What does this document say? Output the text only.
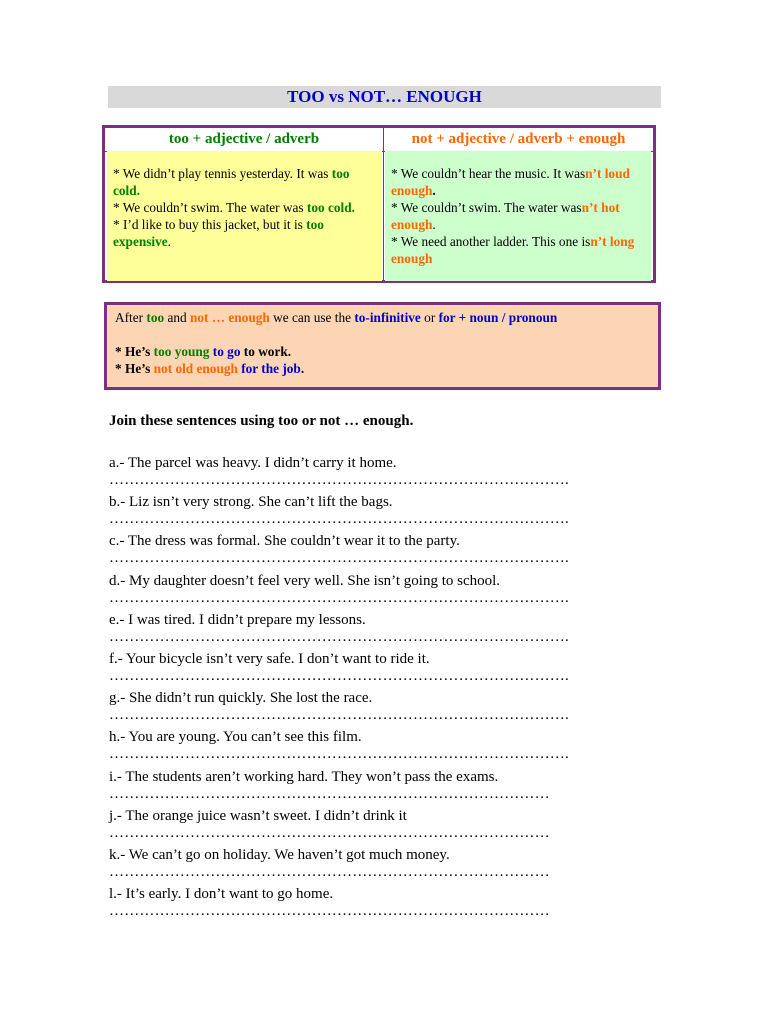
TOO vs NOT… ENOUGH
too + adjective / adverb	not + adjective / adverb + enough
* We didn’t play tennis yesterday. It was too cold.
* We couldn’t swim. The water was too cold.
* I’d like to buy this jacket, but it is too expensive.
* We couldn’t hear the music. It wasn’t loud enough.
* We couldn’t swim. The water wasn’t hot enough.
* We need another ladder. This one isn’t long enough
After too and not … enough we can use the to-infinitive or for + noun / pronoun
* He’s too young to go to work.
* He’s not old enough for the job.
Join these sentences using too or not … enough.
a.- The parcel was heavy. I didn’t carry it home.
……………………………………………………………………………….
b.- Liz isn’t very strong. She can’t lift the bags.
……………………………………………………………………………….
c.- The dress was formal. She couldn’t wear it to the party.
……………………………………………………………………………….
d.- My daughter doesn’t feel very well. She isn’t going to school.
……………………………………………………………………………….
e.- I was tired. I didn’t prepare my lessons.
……………………………………………………………………………….
f.- Your bicycle isn’t very safe. I don’t want to ride it.
……………………………………………………………………………….
g.- She didn’t run quickly. She lost the race.
……………………………………………………………………………….
h.- You are young. You can’t see this film.
……………………………………………………………………………….
i.- The students aren’t working hard. They won’t pass the exams.
……………………………………………………………………………
j.- The orange juice wasn’t sweet. I didn’t drink it
……………………………………………………………………………
k.- We can’t go on holiday. We haven’t got much money.
……………………………………………………………………………
l.- It’s early. I don’t want to go home.
……………………………………………………………………………
